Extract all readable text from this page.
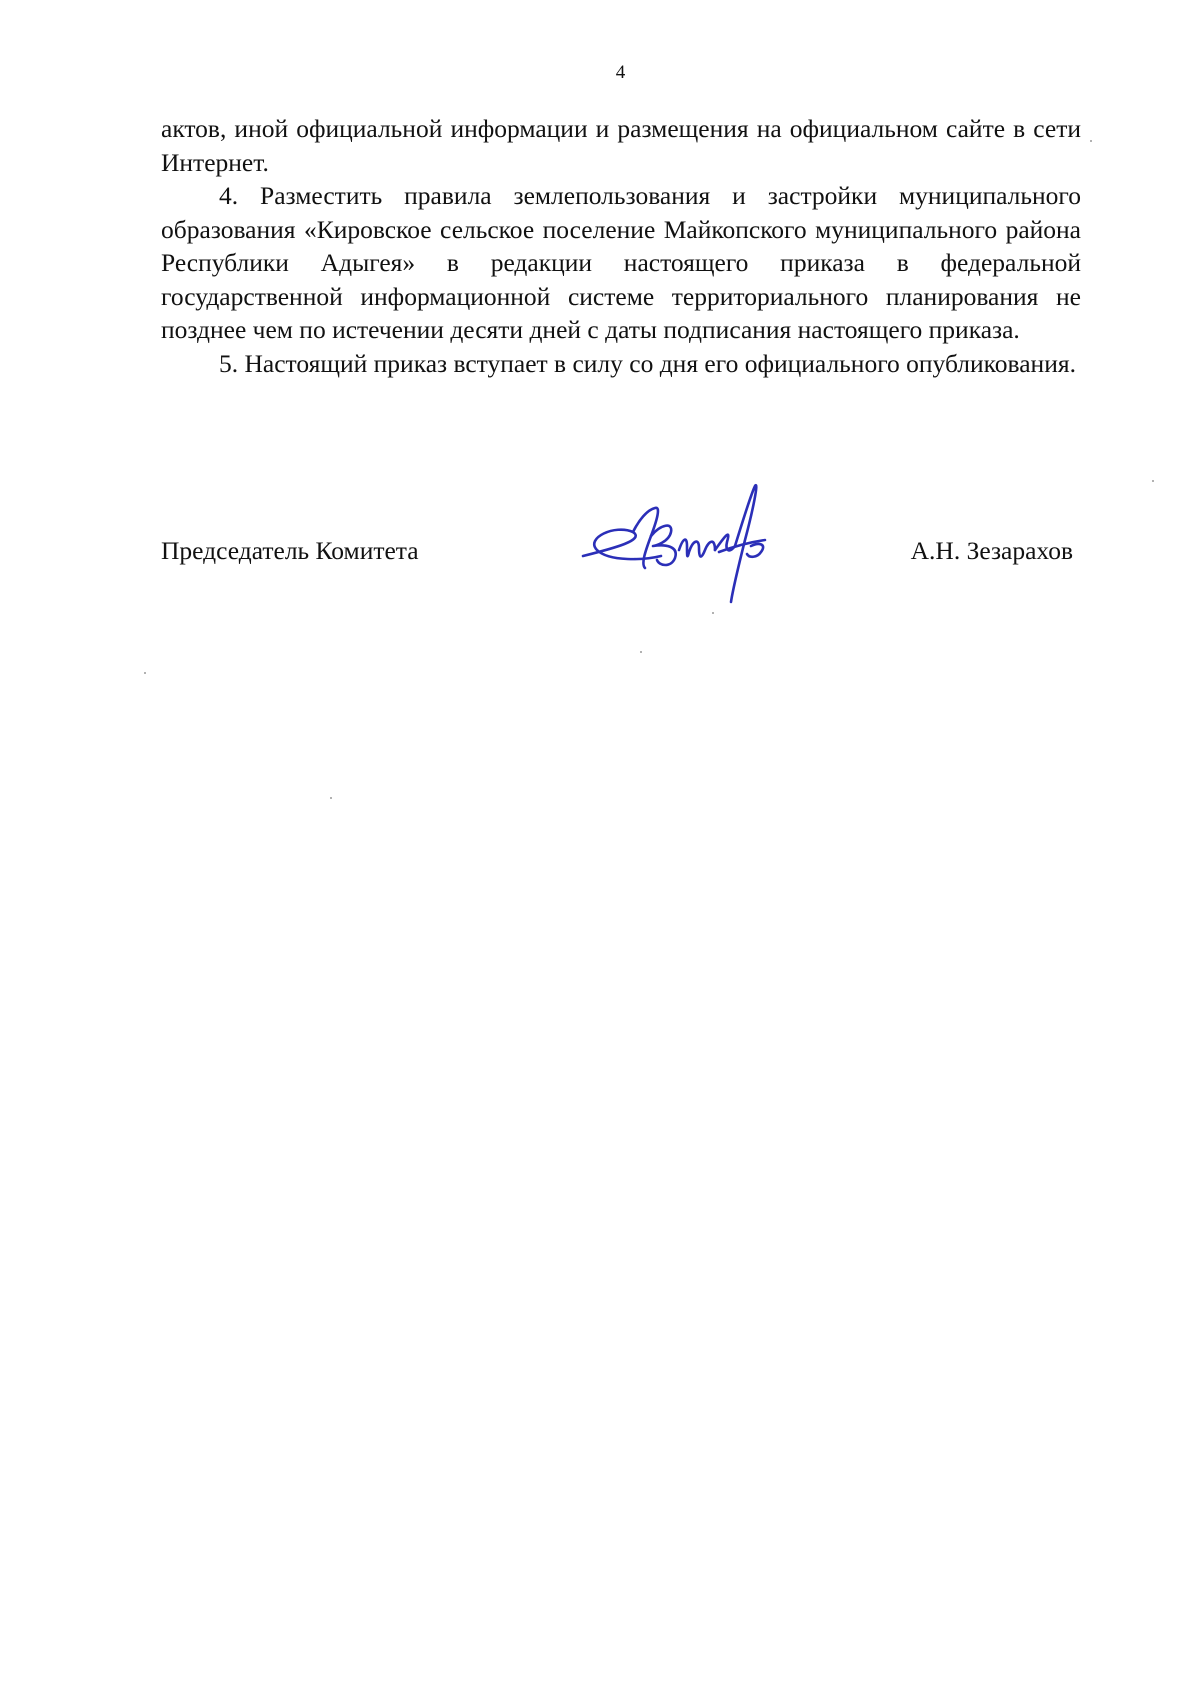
4

актов, иной официальной информации и размещения на официальном сайте в сети Интернет.

4. Разместить правила землепользования и застройки муниципального образования «Кировское сельское поселение Майкопского муниципального района Республики Адыгея» в редакции настоящего приказа в федеральной государственной информационной системе территориального планирования не позднее чем по истечении десяти дней с даты подписания настоящего приказа.

5. Настоящий приказ вступает в силу со дня его официального опубликования.

Председатель Комитета	А.Н. Зезарахов
